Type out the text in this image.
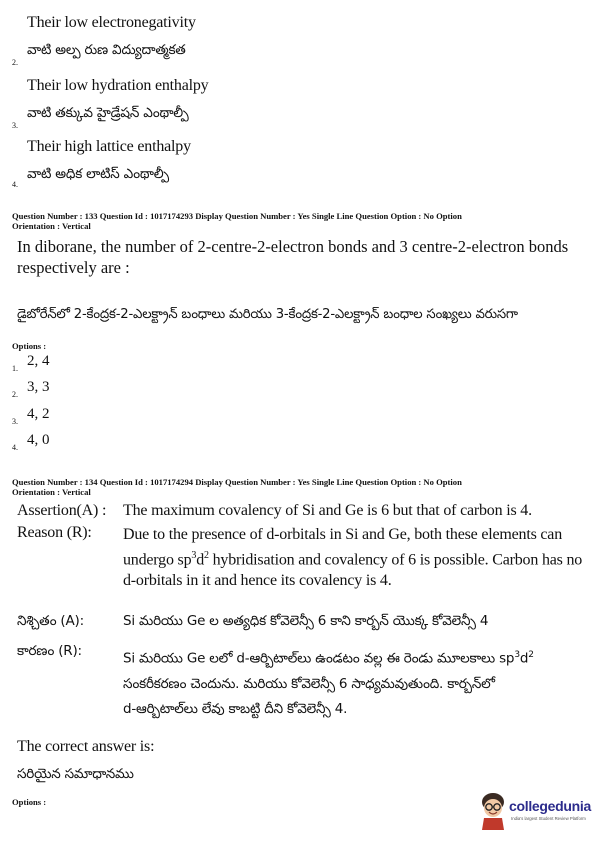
Their low electronegativity
వాటి అల్ప రుణ విద్యుదాత్మకత
2.
Their low hydration enthalpy
వాటి తక్కువ హైడ్రేషన్ ఎంథాల్పీ
3.
Their high lattice enthalpy
వాటి అధిక లాటిస్ ఎంథాల్పీ
4.
Question Number : 133 Question Id : 1017174293 Display Question Number : Yes Single Line Question Option : No Option
Orientation : Vertical
In diborane, the number of 2-centre-2-electron bonds and 3 centre-2-electron bonds
respectively are :
డైబోరేన్‌లో 2-కేంద్రక-2-ఎలక్ట్రాన్ బంధాలు మరియు 3-కేంద్రక-2-ఎలక్ట్రాన్ బంధాల సంఖ్యలు వరుసగా
Options :
2, 4
1.
3, 3
2.
4, 2
3.
4, 0
4.
Question Number : 134 Question Id : 1017174294 Display Question Number : Yes Single Line Question Option : No Option
Orientation : Vertical
Assertion(A) : The maximum covalency of Si and Ge is 6 but that of carbon is 4.
Reason (R): Due to the presence of d-orbitals in Si and Ge, both these elements can
undergo $sp^3d^2$ hybridisation and covalency of 6 is possible. Carbon has no
d-orbitals in it and hence its covalency is 4.
నిశ్చితం (A):	Si మరియు Ge ల అత్యధిక కోవెలెన్సీ 6 కాని కార్బన్ యొక్క కోవెలెన్సీ 4
కారణం (R):	Si మరియు Ge లలో d-ఆర్బిటాల్‌లు ఉండటం వల్ల ఈ రెండు మూలకాలు $sp^3d^2$
సంకరీకరణం చెందును. మరియు కోవెలెన్సీ 6 సాధ్యమవుతుంది. కార్బన్‌లో
d-ఆర్బిటాల్‌లు లేవు కాబట్టి దీని కోవెలెన్సీ 4.
The correct answer is:
సరియైన సమాధానము
Options :	collegedunia
India's largest Student Review Platform
